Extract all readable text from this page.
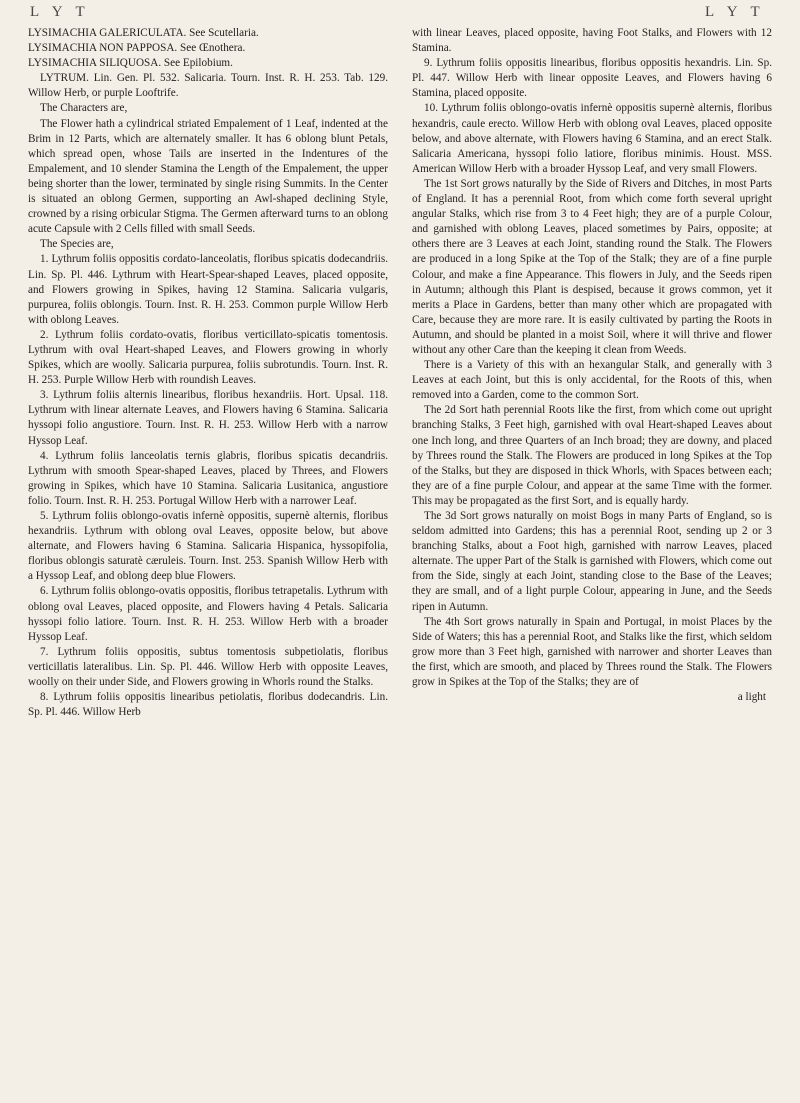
L Y T	L Y T

LYSIMACHIA GALERICULATA. See Scutellaria.

LYSIMACHIA NON PAPPOSA. See Œnothera.

LYSIMACHIA SILIQUOSA. See Epilobium.

LYTRUM. Lin. Gen. Pl. 532. Salicaria. Tourn. Inst. R. H. 253. Tab. 129. Willow Herb, or purple Looftrife.

The Characters are,

The Flower hath a cylindrical striated Empalement of 1 Leaf, indented at the Brim in 12 Parts, which are alternately smaller. It has 6 oblong blunt Petals, which spread open, whose Tails are inserted in the Indentures of the Empalement, and 10 slender Stamina the Length of the Empalement, the upper being shorter than the lower, terminated by single rising Summits. In the Center is situated an oblong Germen, supporting an Awl-shaped declining Style, crowned by a rising orbicular Stigma. The Germen afterward turns to an oblong acute Capsule with 2 Cells filled with small Seeds.

The Species are,

1. Lythrum foliis oppositis cordato-lanceolatis, floribus spicatis dodecandriis. Lin. Sp. Pl. 446. Lythrum with Heart-Spear-shaped Leaves, placed opposite, and Flowers growing in Spikes, having 12 Stamina. Salicaria vulgaris, purpurea, foliis oblongis. Tourn. Inst. R. H. 253. Common purple Willow Herb with oblong Leaves.

2. Lythrum foliis cordato-ovatis, floribus verticillato-spicatis tomentosis. Lythrum with oval Heart-shaped Leaves, and Flowers growing in whorly Spikes, which are woolly. Salicaria purpurea, foliis subrotundis. Tourn. Inst. R. H. 253. Purple Willow Herb with roundish Leaves.

3. Lythrum foliis alternis linearibus, floribus hexandriis. Hort. Upsal. 118. Lythrum with linear alternate Leaves, and Flowers having 6 Stamina. Salicaria hyssopi folio angustiore. Tourn. Inst. R. H. 253. Willow Herb with a narrow Hyssop Leaf.

4. Lythrum foliis lanceolatis ternis glabris, floribus spicatis decandriis. Lythrum with smooth Spear-shaped Leaves, placed by Threes, and Flowers growing in Spikes, which have 10 Stamina. Salicaria Lusitanica, angustiore folio. Tourn. Inst. R. H. 253. Portugal Willow Herb with a narrower Leaf.

5. Lythrum foliis oblongo-ovatis infernè oppositis, supernè alternis, floribus hexandriis. Lythrum with oblong oval Leaves, opposite below, but above alternate, and Flowers having 6 Stamina. Salicaria Hispanica, hyssopifolia, floribus oblongis saturatè cæruleis. Tourn. Inst. 253. Spanish Willow Herb with a Hyssop Leaf, and oblong deep blue Flowers.

6. Lythrum foliis oblongo-ovatis oppositis, floribus tetrapetalis. Lythrum with oblong oval Leaves, placed opposite, and Flowers having 4 Petals. Salicaria hyssopi folio latiore. Tourn. Inst. R. H. 253. Willow Herb with a broader Hyssop Leaf.

7. Lythrum foliis oppositis, subtus tomentosis subpetiolatis, floribus verticillatis lateralibus. Lin. Sp. Pl. 446. Willow Herb with opposite Leaves, woolly on their under Side, and Flowers growing in Whorls round the Stalks.

8. Lythrum foliis oppositis linearibus petiolatis, floribus dodecandris. Lin. Sp. Pl. 446. Willow Herb

with linear Leaves, placed opposite, having Foot Stalks, and Flowers with 12 Stamina.

9. Lythrum foliis oppositis linearibus, floribus oppositis hexandris. Lin. Sp. Pl. 447. Willow Herb with linear opposite Leaves, and Flowers having 6 Stamina, placed opposite.

10. Lythrum foliis oblongo-ovatis infernè oppositis supernè alternis, floribus hexandris, caule erecto. Willow Herb with oblong oval Leaves, placed opposite below, and above alternate, with Flowers having 6 Stamina, and an erect Stalk. Salicaria Americana, hyssopi folio latiore, floribus minimis. Houst. MSS. American Willow Herb with a broader Hyssop Leaf, and very small Flowers.

The 1st Sort grows naturally by the Side of Rivers and Ditches, in most Parts of England. It has a perennial Root, from which come forth several upright angular Stalks, which rise from 3 to 4 Feet high; they are of a purple Colour, and garnished with oblong Leaves, placed sometimes by Pairs, opposite; at others there are 3 Leaves at each Joint, standing round the Stalk. The Flowers are produced in a long Spike at the Top of the Stalk; they are of a fine purple Colour, and make a fine Appearance. This flowers in July, and the Seeds ripen in Autumn; although this Plant is despised, because it grows common, yet it merits a Place in Gardens, better than many other which are propagated with Care, because they are more rare. It is easily cultivated by parting the Roots in Autumn, and should be planted in a moist Soil, where it will thrive and flower without any other Care than the keeping it clean from Weeds.

There is a Variety of this with an hexangular Stalk, and generally with 3 Leaves at each Joint, but this is only accidental, for the Roots of this, when removed into a Garden, come to the common Sort.

The 2d Sort hath perennial Roots like the first, from which come out upright branching Stalks, 3 Feet high, garnished with oval Heart-shaped Leaves about one Inch long, and three Quarters of an Inch broad; they are downy, and placed by Threes round the Stalk. The Flowers are produced in long Spikes at the Top of the Stalks, but they are disposed in thick Whorls, with Spaces between each; they are of a fine purple Colour, and appear at the same Time with the former. This may be propagated as the first Sort, and is equally hardy.

The 3d Sort grows naturally on moist Bogs in many Parts of England, so is seldom admitted into Gardens; this has a perennial Root, sending up 2 or 3 branching Stalks, about a Foot high, garnished with narrow Leaves, placed alternate. The upper Part of the Stalk is garnished with Flowers, which come out from the Side, singly at each Joint, standing close to the Base of the Leaves; they are small, and of a light purple Colour, appearing in June, and the Seeds ripen in Autumn.

The 4th Sort grows naturally in Spain and Portugal, in moist Places by the Side of Waters; this has a perennial Root, and Stalks like the first, which seldom grow more than 3 Feet high, garnished with narrower and shorter Leaves than the first, which are smooth, and placed by Threes round the Stalk. The Flowers grow in Spikes at the Top of the Stalks; they are of

a light
